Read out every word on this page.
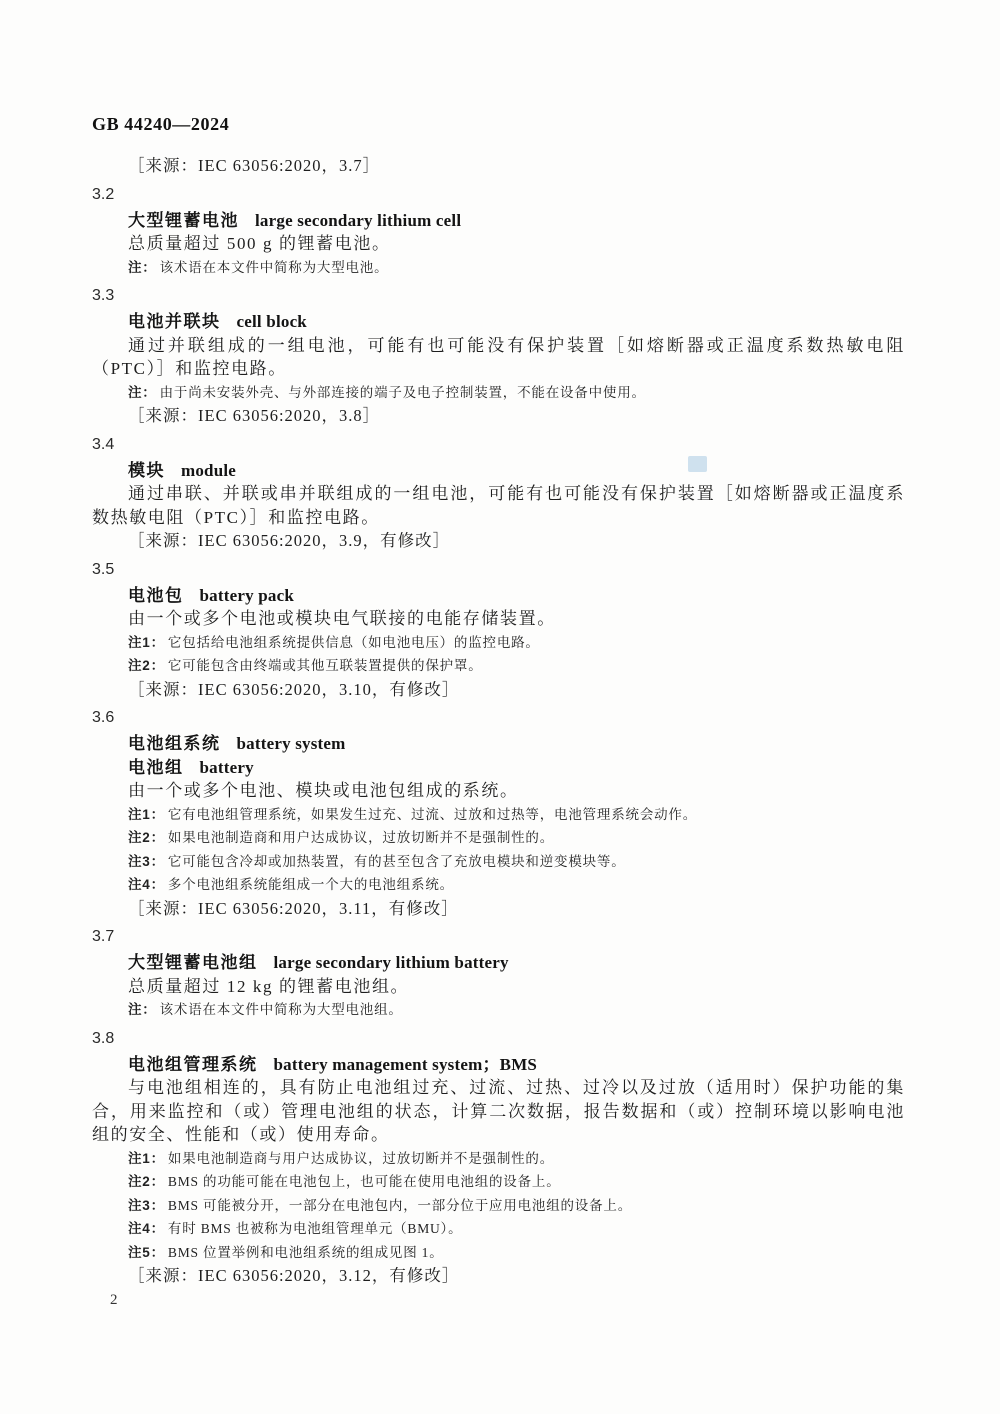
GB 44240—2024
［来源：IEC 63056:2020，3.7］
3.2
大型锂蓄电池 large secondary lithium cell

总质量超过 500 g 的锂蓄电池。

注： 该术语在本文件中简称为大型电池。
3.3
电池并联块 cell block

通过并联组成的一组电池，可能有也可能没有保护装置［如熔断器或正温度系数热敏电阻（PTC）］和监控电路。

注： 由于尚未安装外壳、与外部连接的端子及电子控制装置，不能在设备中使用。
［来源：IEC 63056:2020，3.8］
3.4
模块 module

通过串联、并联或串并联组成的一组电池，可能有也可能没有保护装置［如熔断器或正温度系数热敏电阻（PTC）］和监控电路。

［来源：IEC 63056:2020，3.9，有修改］
3.5
电池包 battery pack

由一个或多个电池或模块电气联接的电能存储装置。

注1： 它包括给电池组系统提供信息（如电池电压）的监控电路。
注2： 它可能包含由终端或其他互联装置提供的保护罩。
［来源：IEC 63056:2020，3.10，有修改］
3.6
电池组系统 battery system
电池组 battery

由一个或多个电池、模块或电池包组成的系统。

注1： 它有电池组管理系统，如果发生过充、过流、过放和过热等，电池管理系统会动作。
注2： 如果电池制造商和用户达成协议，过放切断并不是强制性的。
注3： 它可能包含冷却或加热装置，有的甚至包含了充放电模块和逆变模块等。
注4： 多个电池组系统能组成一个大的电池组系统。
［来源：IEC 63056:2020，3.11，有修改］
3.7
大型锂蓄电池组 large secondary lithium battery

总质量超过 12 kg 的锂蓄电池组。

注： 该术语在本文件中简称为大型电池组。
3.8
电池组管理系统 battery management system；BMS

与电池组相连的，具有防止电池组过充、过流、过热、过冷以及过放（适用时）保护功能的集合，用来监控和（或）管理电池组的状态，计算二次数据，报告数据和（或）控制环境以影响电池组的安全、性能和（或）使用寿命。

注1： 如果电池制造商与用户达成协议，过放切断并不是强制性的。
注2： BMS 的功能可能在电池包上，也可能在使用电池组的设备上。
注3： BMS 可能被分开，一部分在电池包内，一部分位于应用电池组的设备上。
注4： 有时 BMS 也被称为电池组管理单元（BMU）。
注5： BMS 位置举例和电池组系统的组成见图 1。
［来源：IEC 63056:2020，3.12，有修改］
2
